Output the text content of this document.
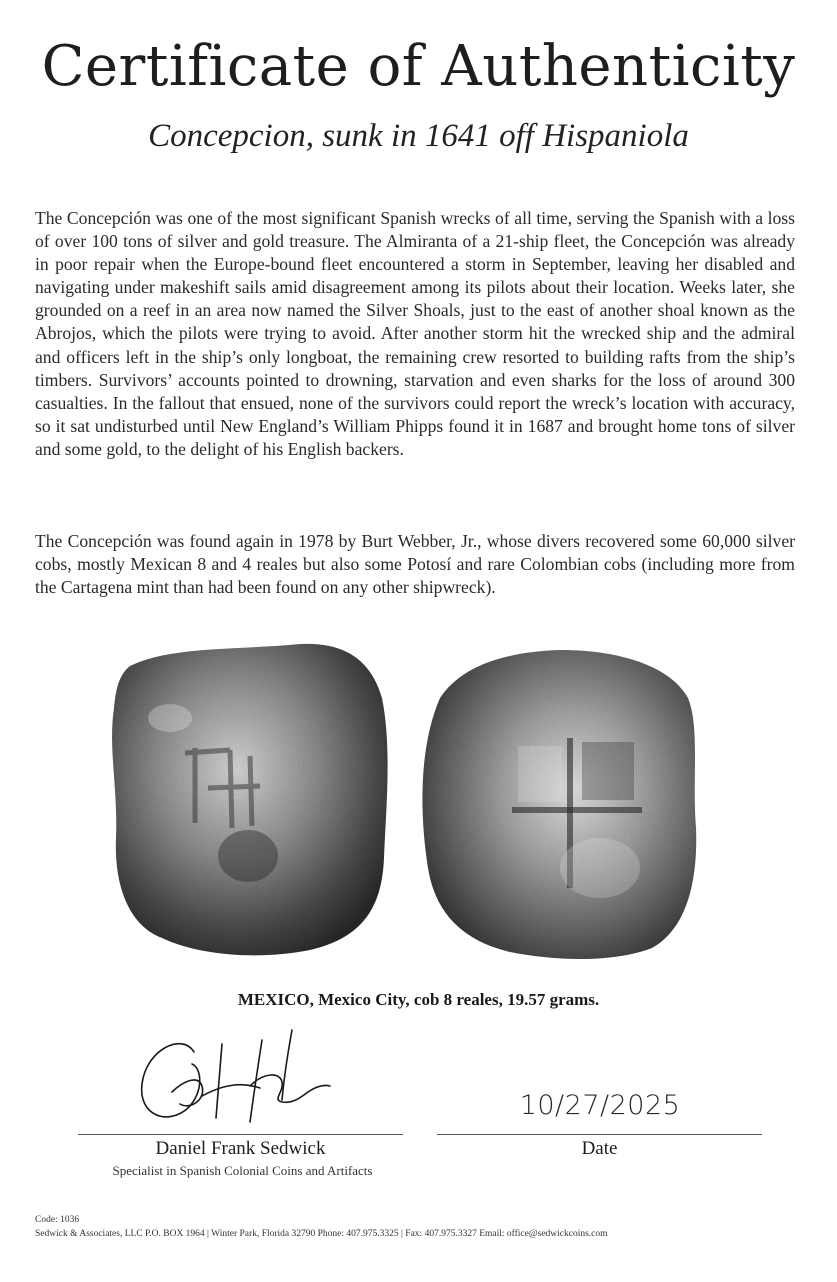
Certificate of Authenticity
Concepcion, sunk in 1641 off Hispaniola
The Concepción was one of the most significant Spanish wrecks of all time, serving the Spanish with a loss of over 100 tons of silver and gold treasure. The Almiranta of a 21-ship fleet, the Concepción was already in poor repair when the Europe-bound fleet encountered a storm in September, leaving her disabled and navigating under makeshift sails amid disagreement among its pilots about their location. Weeks later, she grounded on a reef in an area now named the Silver Shoals, just to the east of another shoal known as the Abrojos, which the pilots were trying to avoid. After another storm hit the wrecked ship and the admiral and officers left in the ship’s only longboat, the remaining crew resorted to building rafts from the ship’s timbers. Survivors’ accounts pointed to drowning, starvation and even sharks for the loss of around 300 casualties. In the fallout that ensued, none of the survivors could report the wreck’s location with accuracy, so it sat undisturbed until New England’s William Phipps found it in 1687 and brought home tons of silver and some gold, to the delight of his English backers.
The Concepción was found again in 1978 by Burt Webber, Jr., whose divers recovered some 60,000 silver cobs, mostly Mexican 8 and 4 reales but also some Potosí and rare Colombian cobs (including more from the Cartagena mint than had been found on any other shipwreck).
MEXICO, Mexico City, cob 8 reales, 19.57 grams.
10/27/2025
Daniel Frank Sedwick
Specialist in Spanish Colonial Coins and Artifacts
Date
Code: 1036
Sedwick & Associates, LLC P.O. BOX 1964 | Winter Park, Florida 32790 Phone: 407.975.3325 | Fax: 407.975.3327 Email: office@sedwickcoins.com
